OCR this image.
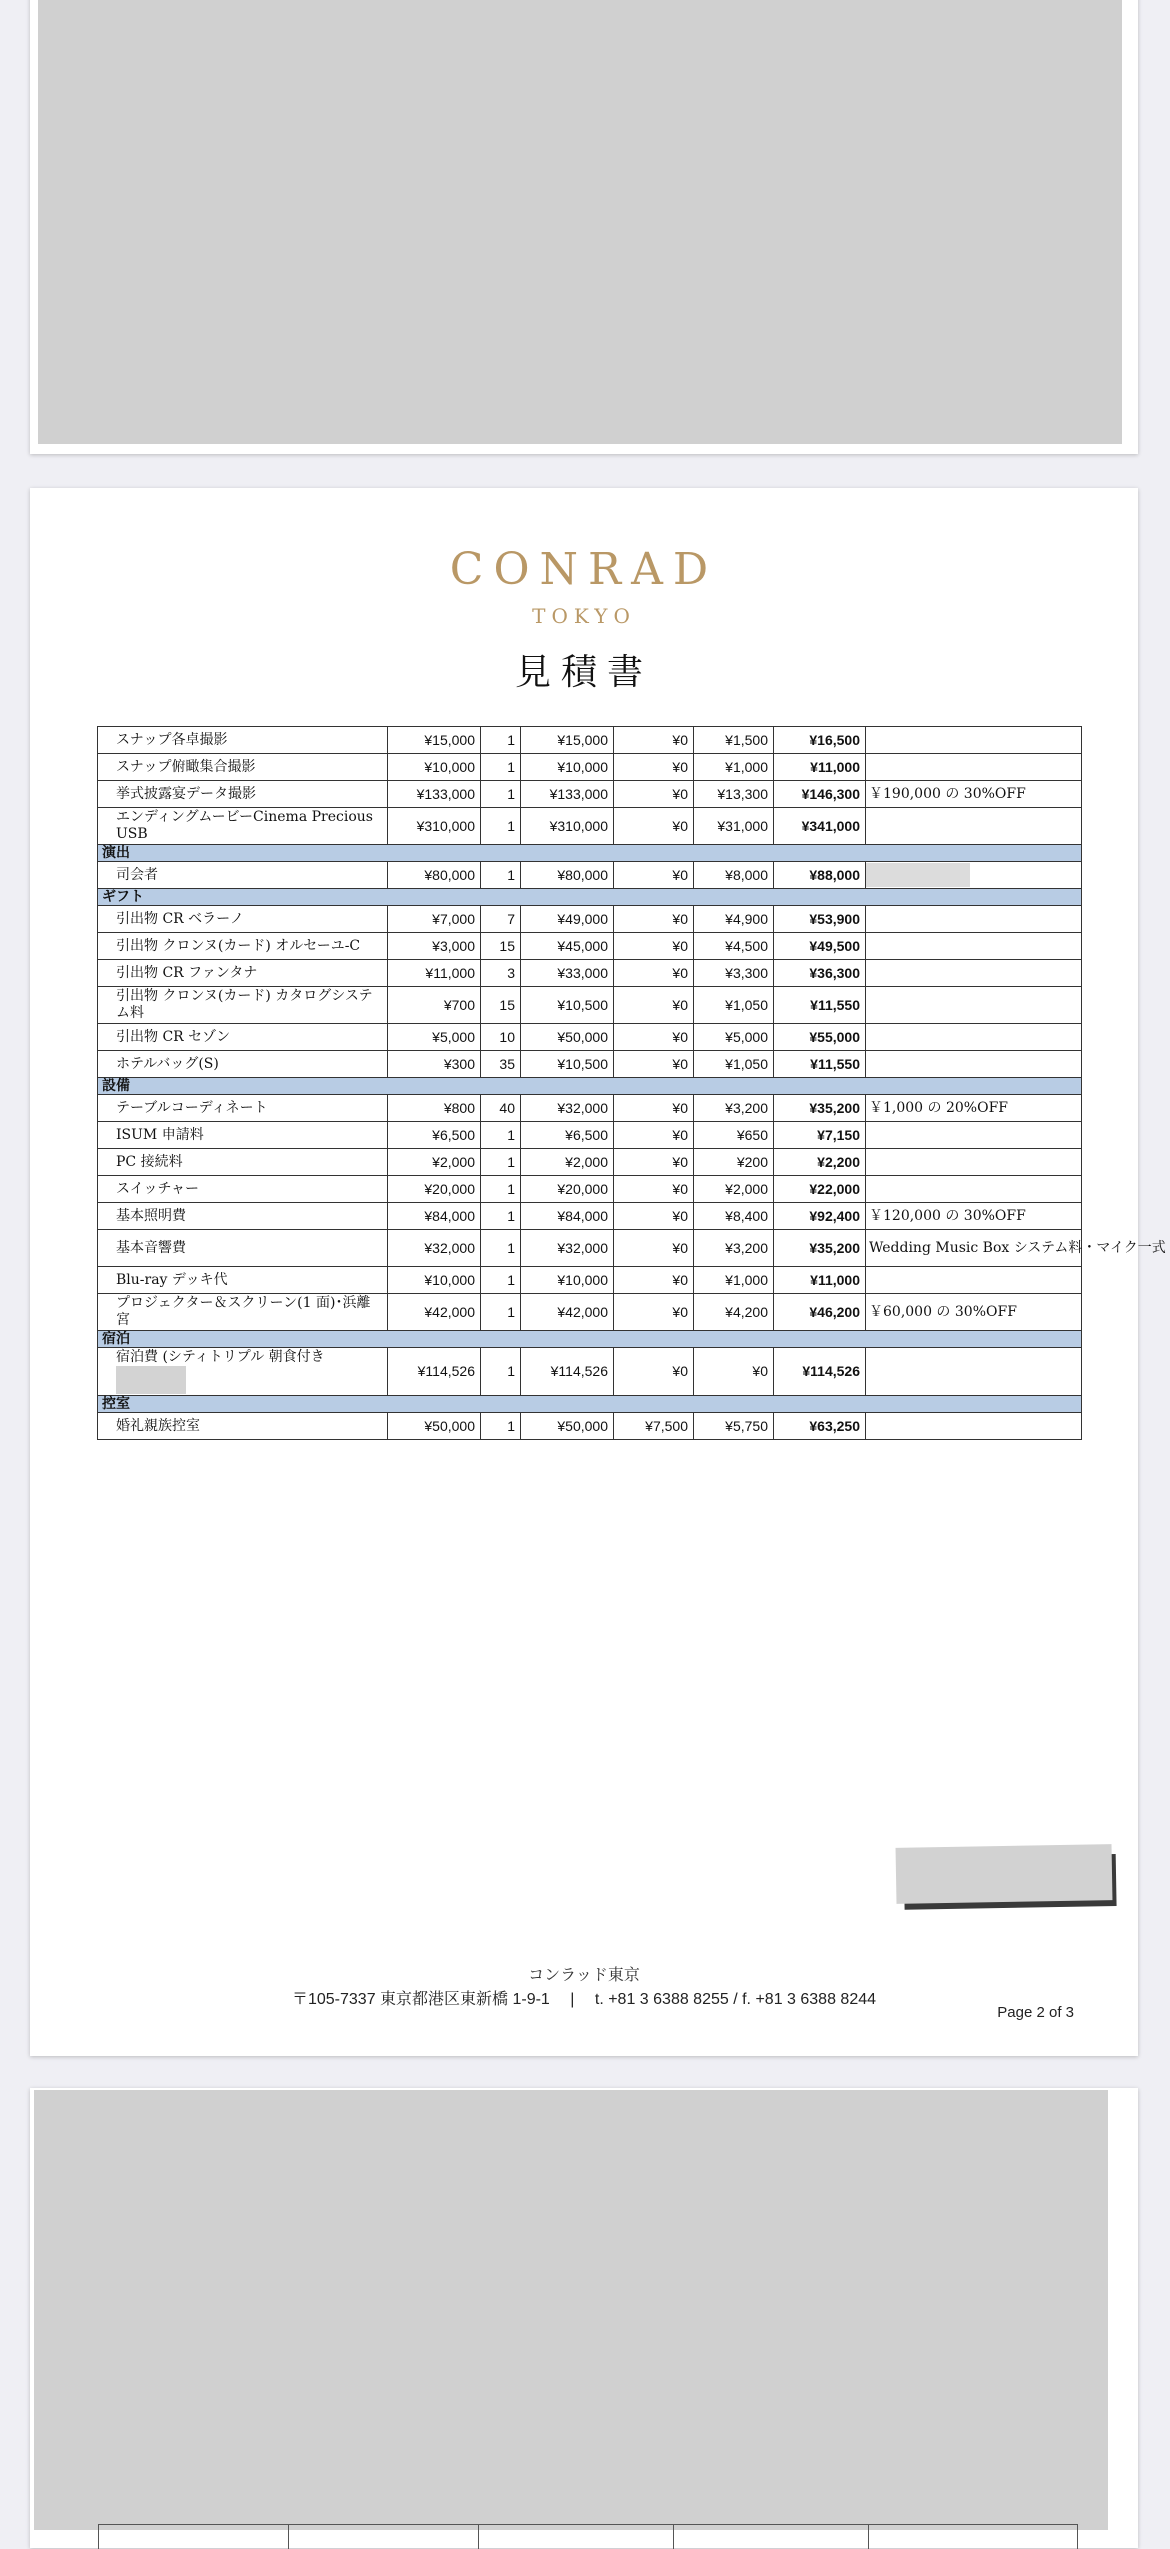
CONRAD
TOKYO
見積書
スナップ各卓撮影	¥15,000	1	¥15,000	¥0	¥1,500	¥16,500	
スナップ俯瞰集合撮影	¥10,000	1	¥10,000	¥0	¥1,000	¥11,000	
挙式披露宴データ撮影	¥133,000	1	¥133,000	¥0	¥13,300	¥146,300	￥190,000 の 30%OFF
エンディングムービーCinema Precious USB	¥310,000	1	¥310,000	¥0	¥31,000	¥341,000	
演出							
司会者	¥80,000	1	¥80,000	¥0	¥8,000	¥88,000	
ギフト							
引出物 CR ベラーノ	¥7,000	7	¥49,000	¥0	¥4,900	¥53,900	
引出物 クロンヌ(カード) オルセーユ-C	¥3,000	15	¥45,000	¥0	¥4,500	¥49,500	
引出物 CR ファンタナ	¥11,000	3	¥33,000	¥0	¥3,300	¥36,300	
引出物 クロンヌ(カード) カタログシステム料	¥700	15	¥10,500	¥0	¥1,050	¥11,550	
引出物 CR セゾン	¥5,000	10	¥50,000	¥0	¥5,000	¥55,000	
ホテルバッグ(S)	¥300	35	¥10,500	¥0	¥1,050	¥11,550	
設備							
テーブルコーディネート	¥800	40	¥32,000	¥0	¥3,200	¥35,200	￥1,000 の 20%OFF
ISUM 申請料	¥6,500	1	¥6,500	¥0	¥650	¥7,150	
PC 接続料	¥2,000	1	¥2,000	¥0	¥200	¥2,200	
スイッチャー	¥20,000	1	¥20,000	¥0	¥2,000	¥22,000	
基本照明費	¥84,000	1	¥84,000	¥0	¥8,400	¥92,400	￥120,000 の 30%OFF
基本音響費	¥32,000	1	¥32,000	¥0	¥3,200	¥35,200	Wedding Music Box システム料・マイク一式
Blu-ray デッキ代	¥10,000	1	¥10,000	¥0	¥1,000	¥11,000	
プロジェクター＆スクリーン(1 面)･浜離宮	¥42,000	1	¥42,000	¥0	¥4,200	¥46,200	￥60,000 の 30%OFF
宿泊							
宿泊費 (シティトリプル 朝食付き	¥114,526	1	¥114,526	¥0	¥0	¥114,526	
控室							
婚礼親族控室	¥50,000	1	¥50,000	¥7,500	¥5,750	¥63,250	
コンラッド東京
〒105-7337 東京都港区東新橋 1-9-1 　|　 t. +81 3 6388 8255 / f. +81 3 6388 8244
Page 2 of 3
